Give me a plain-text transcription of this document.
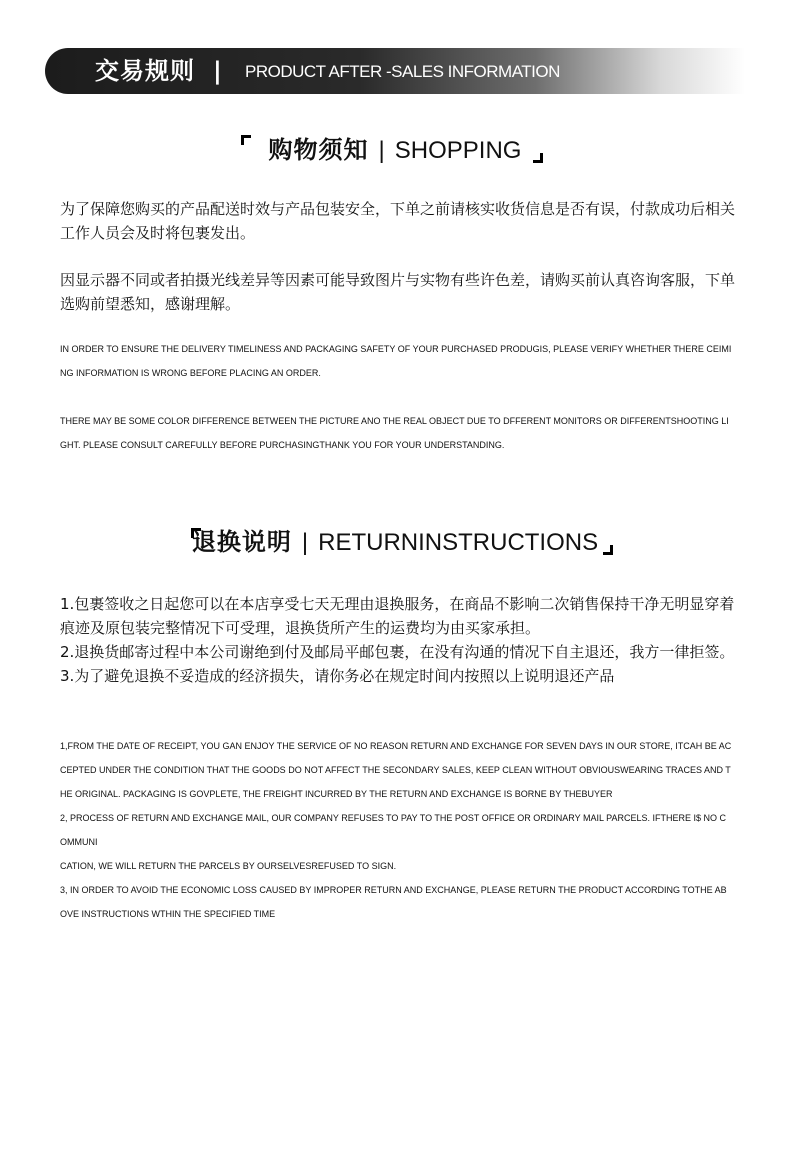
交易规则 | PRODUCT AFTER -SALES INFORMATION
购物须知 | SHOPPING
为了保障您购买的产品配送时效与产品包装安全，下单之前请核实收货信息是否有误，付款成功后相关工作人员会及时将包裹发出。
因显示器不同或者拍摄光线差异等因素可能导致图片与实物有些许色差，请购买前认真咨询客服，下单选购前望悉知，感谢理解。
IN ORDER TO ENSURE THE DELIVERY TIMELINESS AND PACKAGING SAFETY OF YOUR PURCHASED PRODUGIS, PLEASE VERIFY WHETHER THERE CEIMING INFORMATION IS WRONG BEFORE PLACING AN ORDER.
THERE MAY BE SOME COLOR DIFFERENCE BETWEEN THE PICTURE ANO THE REAL OBJECT DUE TO DFFERENT MONITORS OR DIFFERENTSHOOTING LIGHT. PLEASE CONSULT CAREFULLY BEFORE PURCHASINGTHANK YOU FOR YOUR UNDERSTANDING.
退换说明 | RETURNINSTRUCTIONS
1.包裹签收之日起您可以在本店享受七天无理由退换服务，在商品不影响二次销售保持干净无明显穿着痕迹及原包装完整情况下可受理，退换货所产生的运费均为由买家承担。
2.退换货邮寄过程中本公司谢绝到付及邮局平邮包裹，在没有沟通的情况下自主退还，我方一律拒签。
3.为了避免退换不妥造成的经济损失，请你务必在规定时间内按照以上说明退还产品
1,FROM THE DATE OF RECEIPT, YOU GAN ENJOY THE SERVICE OF NO REASON RETURN AND EXCHANGE FOR SEVEN DAYS IN OUR STORE, ITCAH BE ACCEPTED UNDER THE CONDITION THAT THE GOODS DO NOT AFFECT THE SECONDARY SALES, KEEP CLEAN WITHOUT OBVIOUSWEARING TRACES AND THE ORIGINAL. PACKAGING IS GOVPLETE, THE FREIGHT INCURRED BY THE RETURN AND EXCHANGE IS BORNE BY THEBUYER
2, PROCESS OF RETURN AND EXCHANGE MAIL, OUR COMPANY REFUSES TO PAY TO THE POST OFFICE OR ORDINARY MAIL PARCELS. IFTHERE I$ NO COMMUNI
CATION, WE WILL RETURN THE PARCELS BY OURSELVESREFUSED TO SIGN.
3, IN ORDER TO AVOID THE ECONOMIC LOSS CAUSED BY IMPROPER RETURN AND EXCHANGE, PLEASE RETURN THE PRODUCT ACCORDING TOTHE ABOVE INSTRUCTIONS WTHIN THE SPECIFIED TIME
